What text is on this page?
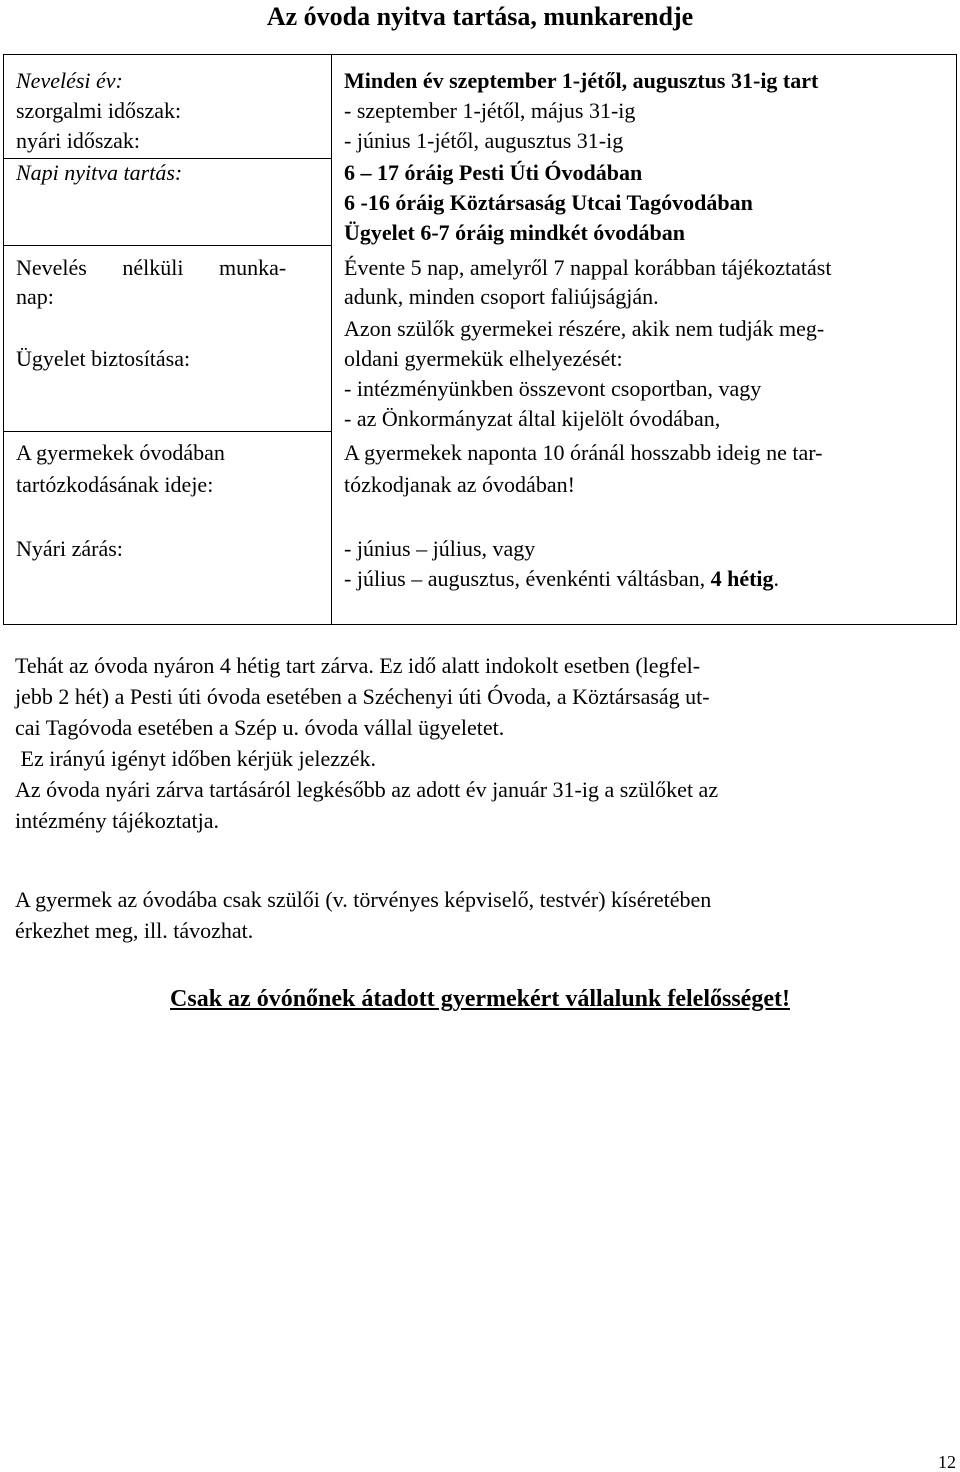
Az óvoda nyitva tartása, munkarendje
Nevelési év:
szorgalmi időszak:
nyári időszak:
Napi nyitva tartás:
Nevelés nélküli munka-
nap:
Ügyelet biztosítása:
A gyermekek óvodában
tartózkodásának ideje:
Nyári zárás:
Minden év szeptember 1-jétől, augusztus 31-ig tart
- szeptember 1-jétől, május 31-ig
- június 1-jétől, augusztus 31-ig
6 – 17 óráig Pesti Úti Óvodában
6 -16 óráig Köztársaság Utcai Tagóvodában
Ügyelet 6-7 óráig mindkét óvodában
Évente 5 nap, amelyről 7 nappal korábban tájékoztatást
adunk, minden csoport faliújságján.
Azon szülők gyermekei részére, akik nem tudják meg-
oldani gyermekük elhelyezését:
- intézményünkben összevont csoportban, vagy
- az Önkormányzat által kijelölt óvodában,
A gyermekek naponta 10 óránál hosszabb ideig ne tar-
tózkodjanak az óvodában!
- június – július, vagy
- július – augusztus, évenkénti váltásban, 4 hétig.

Tehát az óvoda nyáron 4 hétig tart zárva. Ez idő alatt indokolt esetben (legfel-

jebb 2 hét) a Pesti úti óvoda esetében a Széchenyi úti Óvoda, a Köztársaság ut-

cai Tagóvoda esetében a Szép u. óvoda vállal ügyeletet.

Ez irányú igényt időben kérjük jelezzék.

Az óvoda nyári zárva tartásáról legkésőbb az adott év január 31-ig a szülőket az

intézmény tájékoztatja.

A gyermek az óvodába csak szülői (v. törvényes képviselő, testvér) kíséretében

érkezhet meg, ill. távozhat.

Csak az óvónőnek átadott gyermekért vállalunk felelősséget!
12
